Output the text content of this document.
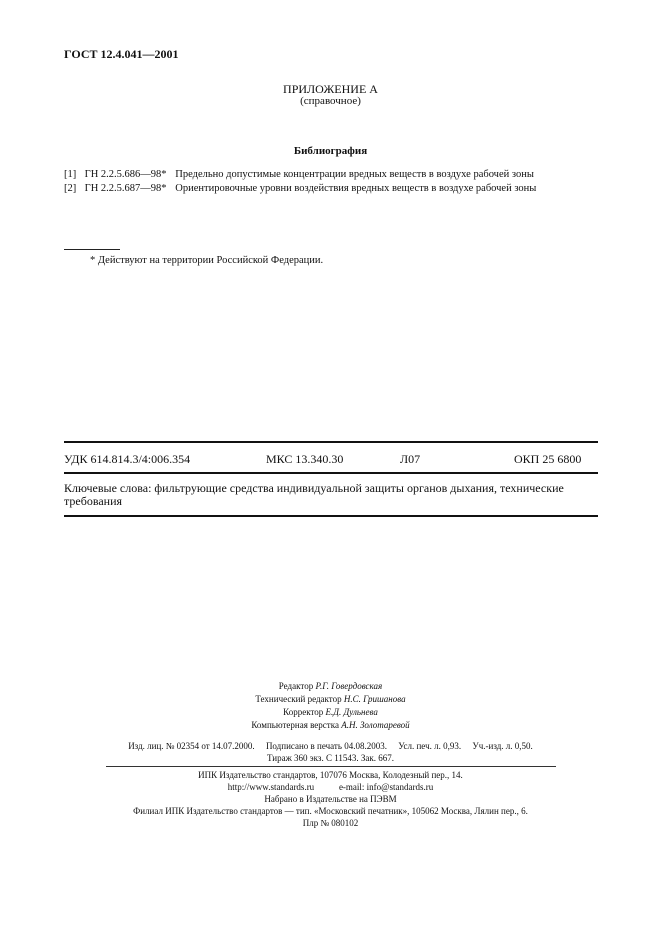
ГОСТ 12.4.041—2001
ПРИЛОЖЕНИЕ А
(справочное)
Библиография
[1] ГН 2.2.5.686—98* Предельно допустимые концентрации вредных веществ в воздухе рабочей зоны
[2] ГН 2.2.5.687—98* Ориентировочные уровни воздействия вредных веществ в воздухе рабочей зоны
* Действуют на территории Российской Федерации.
УДК 614.814.3/4:006.354	МКС 13.340.30	Л07	ОКП 25 6800
Ключевые слова: фильтрующие средства индивидуальной защиты органов дыхания, технические требования
Редактор Р.Г. Говердовская
Технический редактор Н.С. Гришанова
Корректор Е.Д. Дульнева
Компьютерная верстка А.Н. Золотаревой
Изд. лиц. № 02354 от 14.07.2000. Подписано в печать 04.08.2003. Усл. печ. л. 0,93. Уч.-изд. л. 0,50.
Тираж 360 экз. С 11543. Зак. 667.
ИПК Издательство стандартов, 107076 Москва, Колодезный пер., 14.
http://www.standards.ru	e-mail: info@standards.ru
Набрано в Издательстве на ПЭВМ
Филиал ИПК Издательство стандартов — тип. «Московский печатник», 105062 Москва, Лялин пер., 6.
Плр № 080102
